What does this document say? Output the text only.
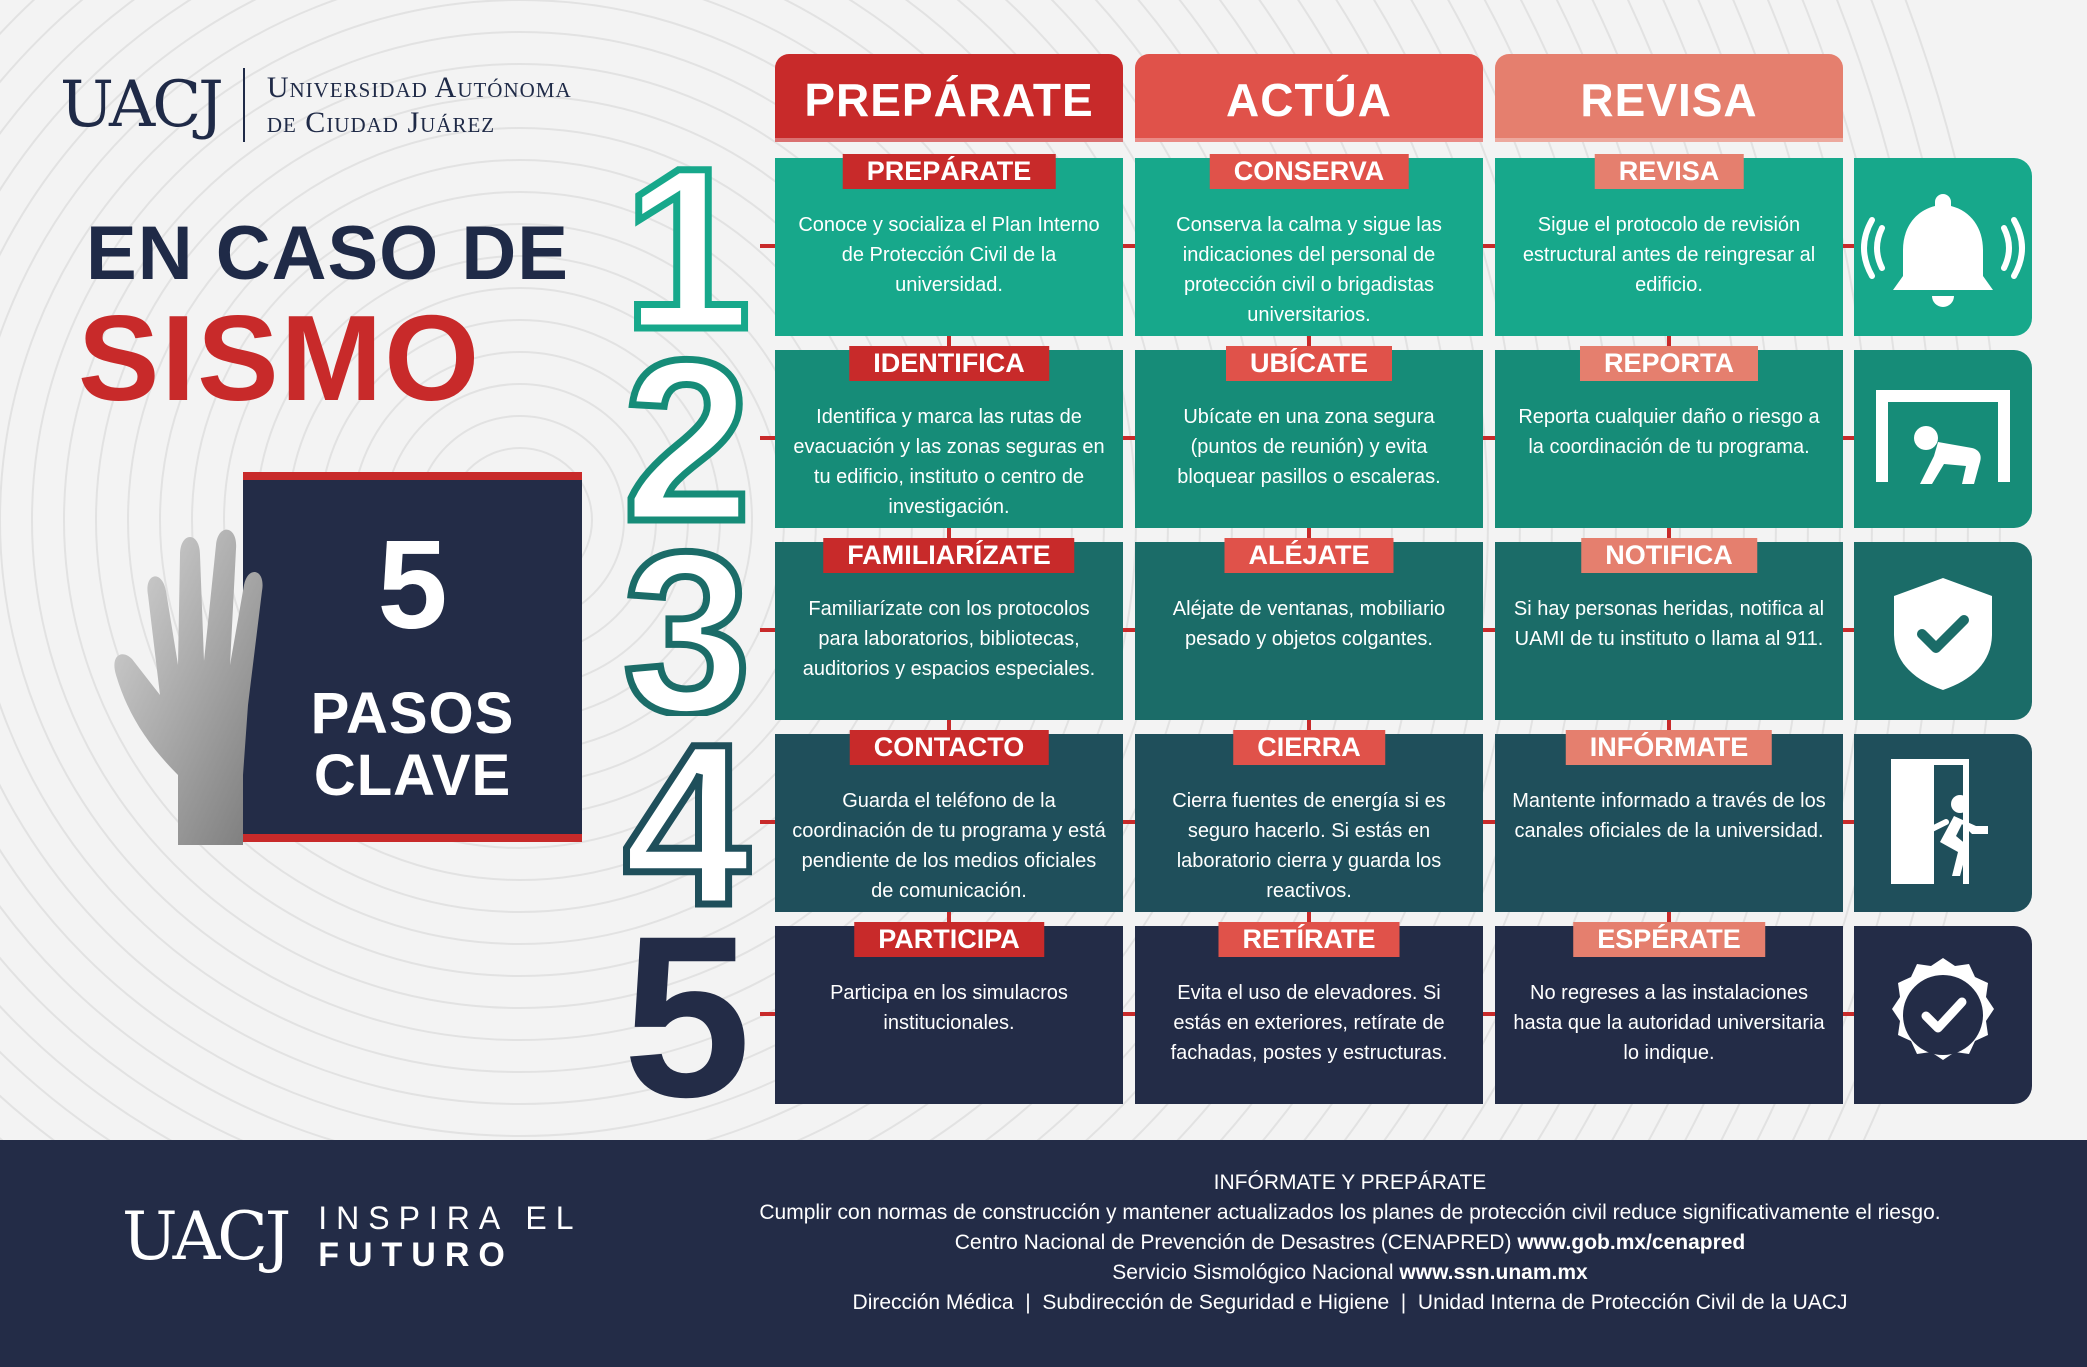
UACJ Universidad Autónoma
de Ciudad Juárez
EN CASO DE
SISMO
5
PASOS
CLAVE
PREPÁRATE	ACTÚA	REVISA
1	PREPÁRATE
Conoce y socializa el Plan Interno de Protección Civil de la universidad.
CONSERVA
Conserva la calma y sigue las indicaciones del personal de protección civil o brigadistas universitarios.
REVISA
Sigue el protocolo de revisión estructural antes de reingresar al edificio.
2	IDENTIFICA
Identifica y marca las rutas de evacuación y las zonas seguras en tu edificio, instituto o centro de investigación.
UBÍCATE
Ubícate en una zona segura (puntos de reunión) y evita bloquear pasillos o escaleras.
REPORTA
Reporta cualquier daño o riesgo a la coordinación de tu programa.
3	FAMILIARÍZATE
Familiarízate con los protocolos para laboratorios, bibliotecas, auditorios y espacios especiales.
ALÉJATE
Aléjate de ventanas, mobiliario pesado y objetos colgantes.
NOTIFICA
Si hay personas heridas, notifica al UAMI de tu instituto o llama al 911.
4	CONTACTO
Guarda el teléfono de la coordinación de tu programa y está pendiente de los medios oficiales de comunicación.
CIERRA
Cierra fuentes de energía si es seguro hacerlo. Si estás en laboratorio cierra y guarda los reactivos.
INFÓRMATE
Mantente informado a través de los canales oficiales de la universidad.
5	PARTICIPA
Participa en los simulacros institucionales.
RETÍRATE
Evita el uso de elevadores. Si estás en exteriores, retírate de fachadas, postes y estructuras.
ESPÉRATE
No regreses a las instalaciones hasta que la autoridad universitaria lo indique.
UACJ INSPIRA EL
FUTURO
INFÓRMATE Y PREPÁRATE
Cumplir con normas de construcción y mantener actualizados los planes de protección civil reduce significativamente el riesgo.
Centro Nacional de Prevención de Desastres (CENAPRED) www.gob.mx/cenapred
Servicio Sismológico Nacional www.ssn.unam.mx
Dirección Médica  |  Subdirección de Seguridad e Higiene  |  Unidad Interna de Protección Civil de la UACJ
